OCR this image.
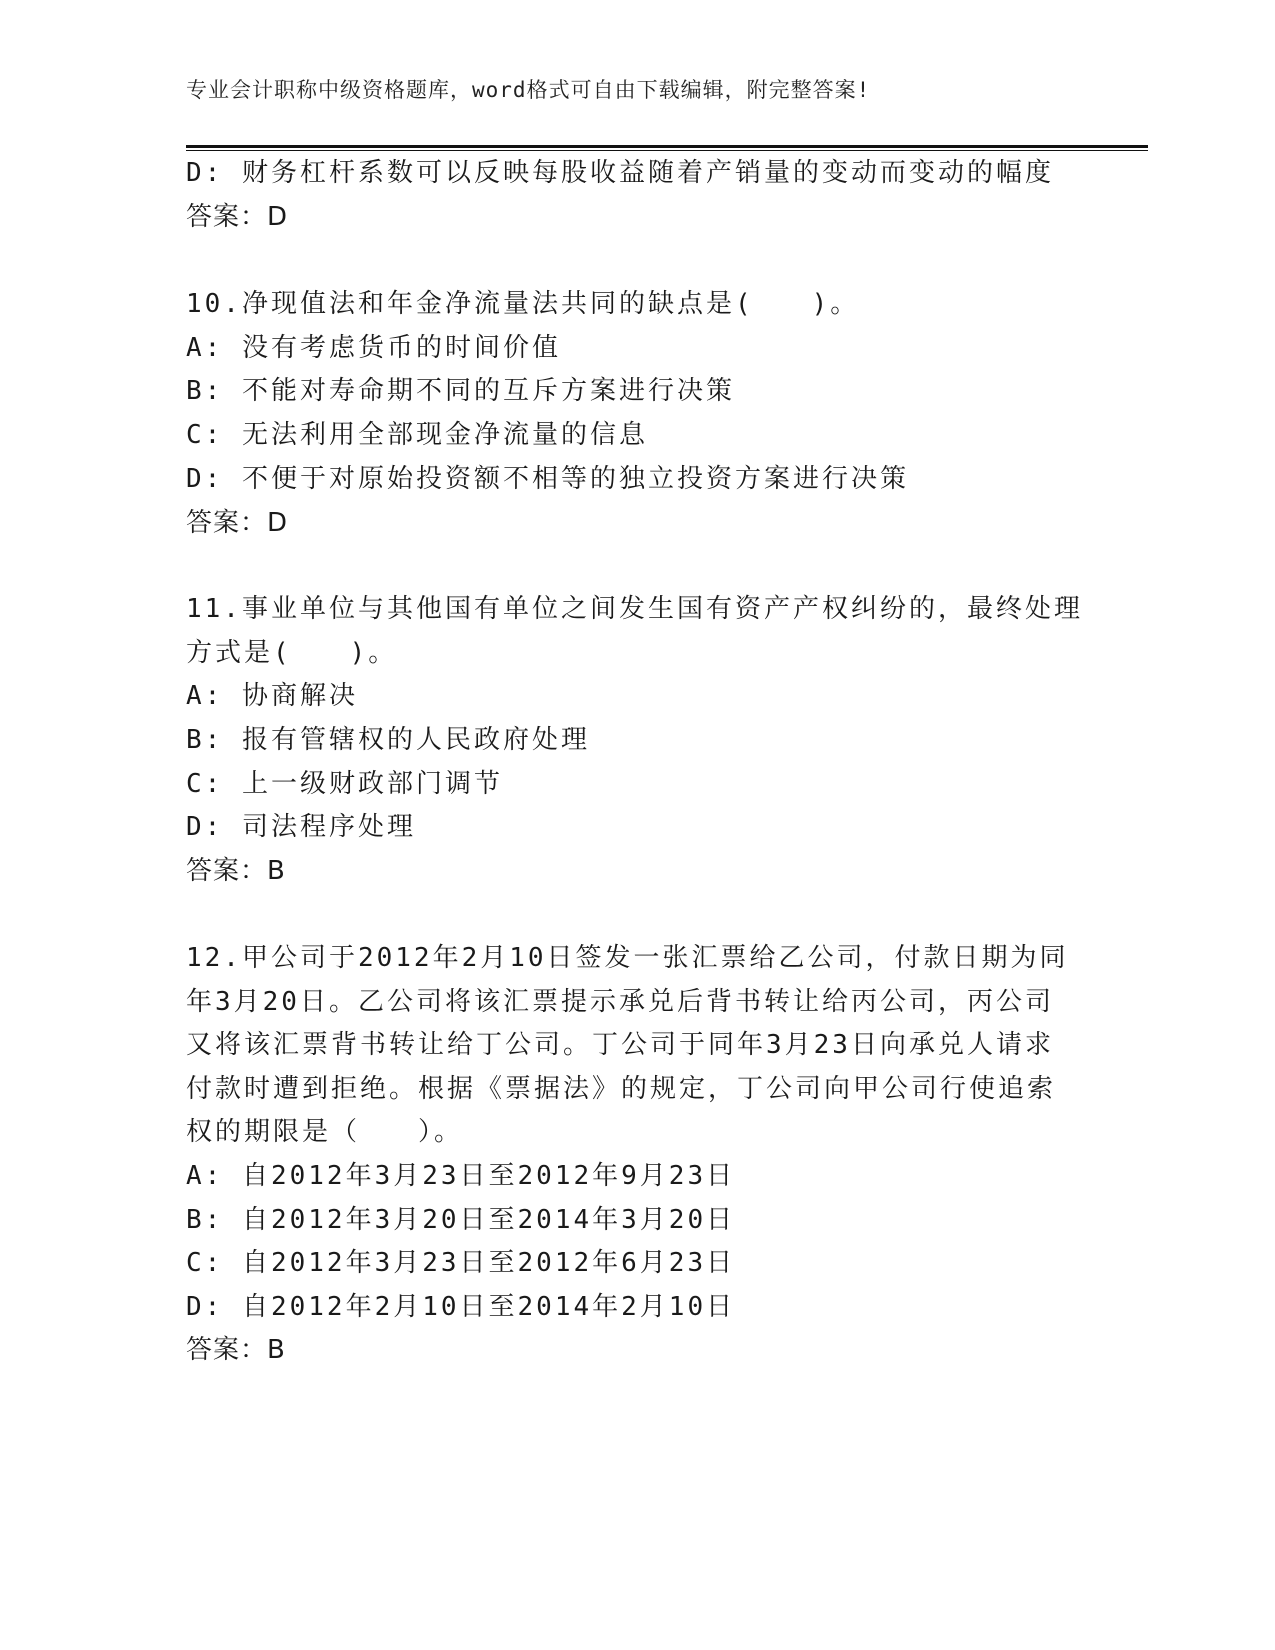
专业会计职称中级资格题库，word格式可自由下载编辑，附完整答案!
D: 财务杠杆系数可以反映每股收益随着产销量的变动而变动的幅度
答案：D
10.净现值法和年金净流量法共同的缺点是(　　)。
A: 没有考虑货币的时间价值
B: 不能对寿命期不同的互斥方案进行决策
C: 无法利用全部现金净流量的信息
D: 不便于对原始投资额不相等的独立投资方案进行决策
答案：D
11.事业单位与其他国有单位之间发生国有资产产权纠纷的，最终处理
方式是(　　)。
A: 协商解决
B: 报有管辖权的人民政府处理
C: 上一级财政部门调节
D: 司法程序处理
答案：B
12.甲公司于2012年2月10日签发一张汇票给乙公司，付款日期为同
年3月20日。乙公司将该汇票提示承兑后背书转让给丙公司，丙公司
又将该汇票背书转让给丁公司。丁公司于同年3月23日向承兑人请求
付款时遭到拒绝。根据《票据法》的规定，丁公司向甲公司行使追索
权的期限是（　　）。
A: 自2012年3月23日至2012年9月23日
B: 自2012年3月20日至2014年3月20日
C: 自2012年3月23日至2012年6月23日
D: 自2012年2月10日至2014年2月10日
答案：B
